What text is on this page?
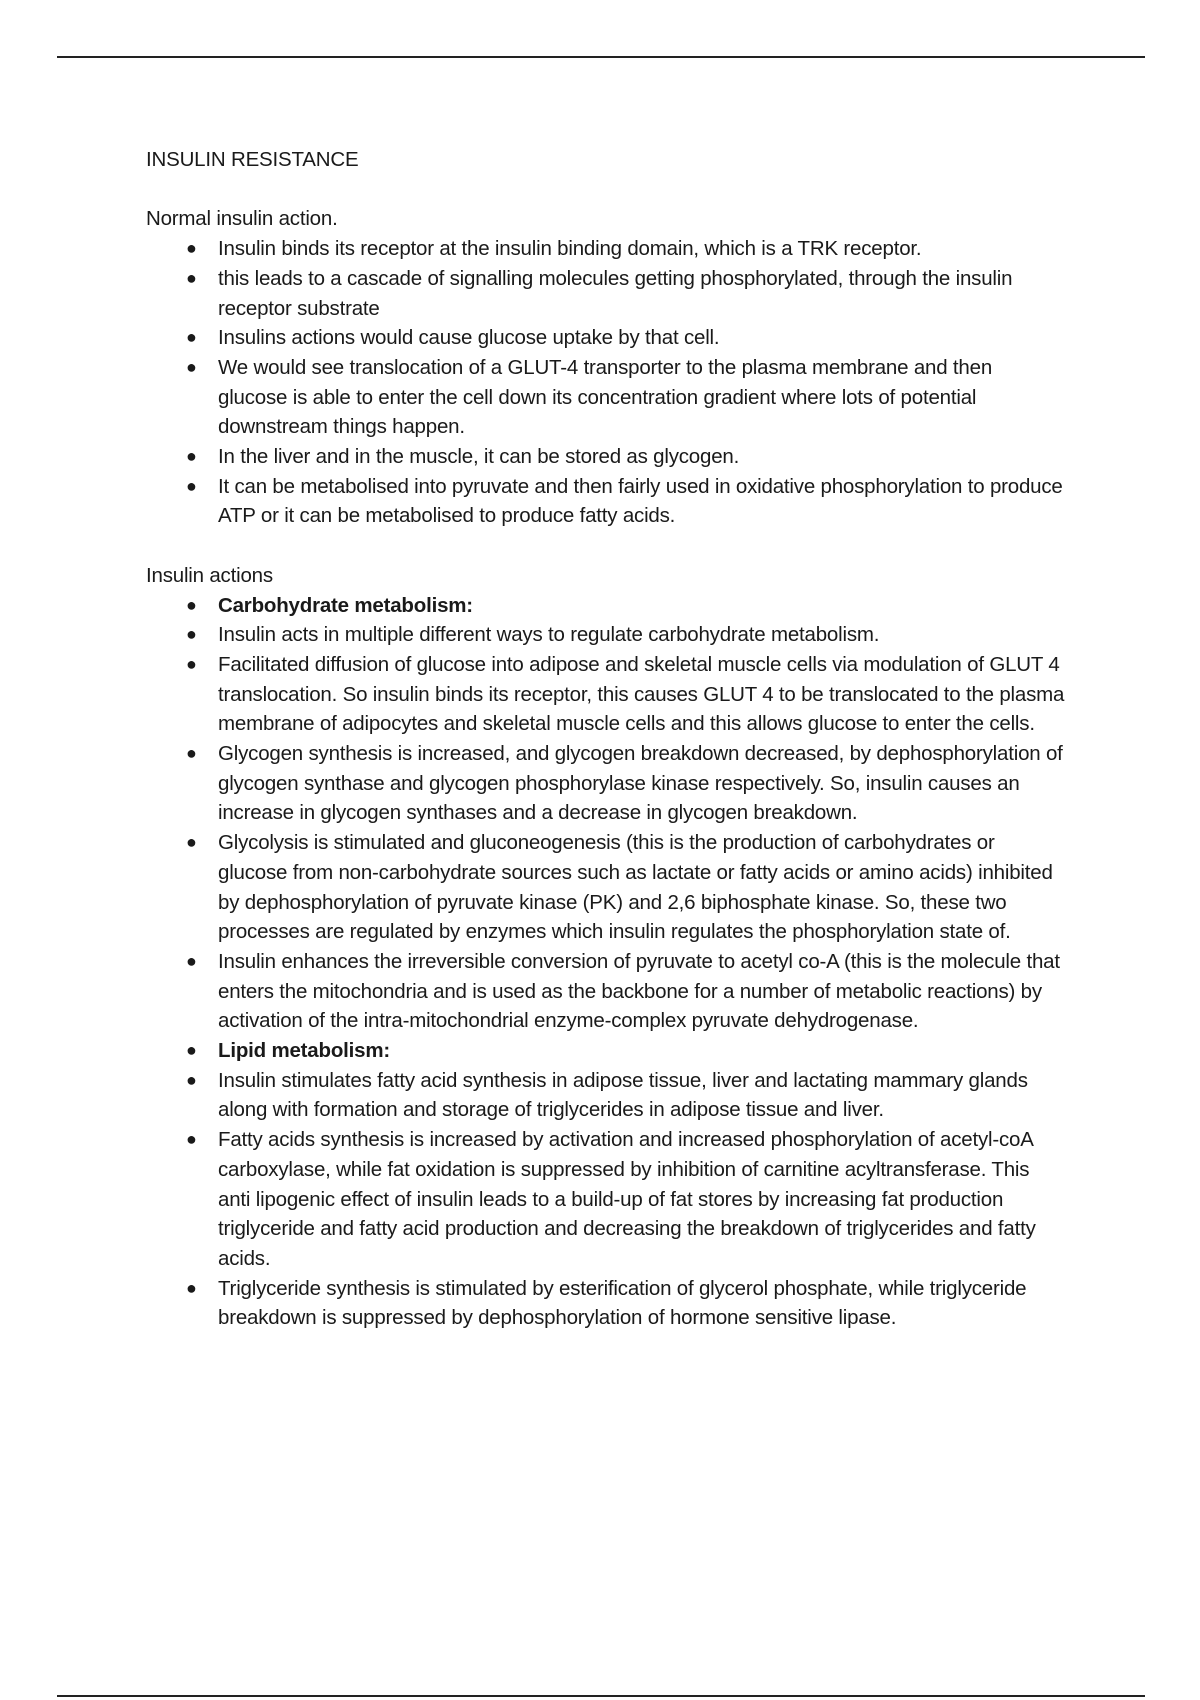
INSULIN RESISTANCE

Normal insulin action.

● Insulin binds its receptor at the insulin binding domain, which is a TRK receptor.
● this leads to a cascade of signalling molecules getting phosphorylated, through the insulin receptor substrate
● Insulins actions would cause glucose uptake by that cell.
● We would see translocation of a GLUT-4 transporter to the plasma membrane and then glucose is able to enter the cell down its concentration gradient where lots of potential downstream things happen.
● In the liver and in the muscle, it can be stored as glycogen.
● It can be metabolised into pyruvate and then fairly used in oxidative phosphorylation to produce ATP or it can be metabolised to produce fatty acids.

Insulin actions

● Carbohydrate metabolism:
● Insulin acts in multiple different ways to regulate carbohydrate metabolism.
● Facilitated diffusion of glucose into adipose and skeletal muscle cells via modulation of GLUT 4 translocation. So insulin binds its receptor, this causes GLUT 4 to be translocated to the plasma membrane of adipocytes and skeletal muscle cells and this allows glucose to enter the cells.
● Glycogen synthesis is increased, and glycogen breakdown decreased, by dephosphorylation of glycogen synthase and glycogen phosphorylase kinase respectively. So, insulin causes an increase in glycogen synthases and a decrease in glycogen breakdown.
● Glycolysis is stimulated and gluconeogenesis (this is the production of carbohydrates or glucose from non-carbohydrate sources such as lactate or fatty acids or amino acids) inhibited by dephosphorylation of pyruvate kinase (PK) and 2,6 biphosphate kinase. So, these two processes are regulated by enzymes which insulin regulates the phosphorylation state of.
● Insulin enhances the irreversible conversion of pyruvate to acetyl co-A (this is the molecule that enters the mitochondria and is used as the backbone for a number of metabolic reactions) by activation of the intra-mitochondrial enzyme-complex pyruvate dehydrogenase.
● Lipid metabolism:
● Insulin stimulates fatty acid synthesis in adipose tissue, liver and lactating mammary glands along with formation and storage of triglycerides in adipose tissue and liver.
● Fatty acids synthesis is increased by activation and increased phosphorylation of acetyl-coA carboxylase, while fat oxidation is suppressed by inhibition of carnitine acyltransferase. This anti lipogenic effect of insulin leads to a build-up of fat stores by increasing fat production triglyceride and fatty acid production and decreasing the breakdown of triglycerides and fatty acids.
● Triglyceride synthesis is stimulated by esterification of glycerol phosphate, while triglyceride breakdown is suppressed by dephosphorylation of hormone sensitive lipase.
